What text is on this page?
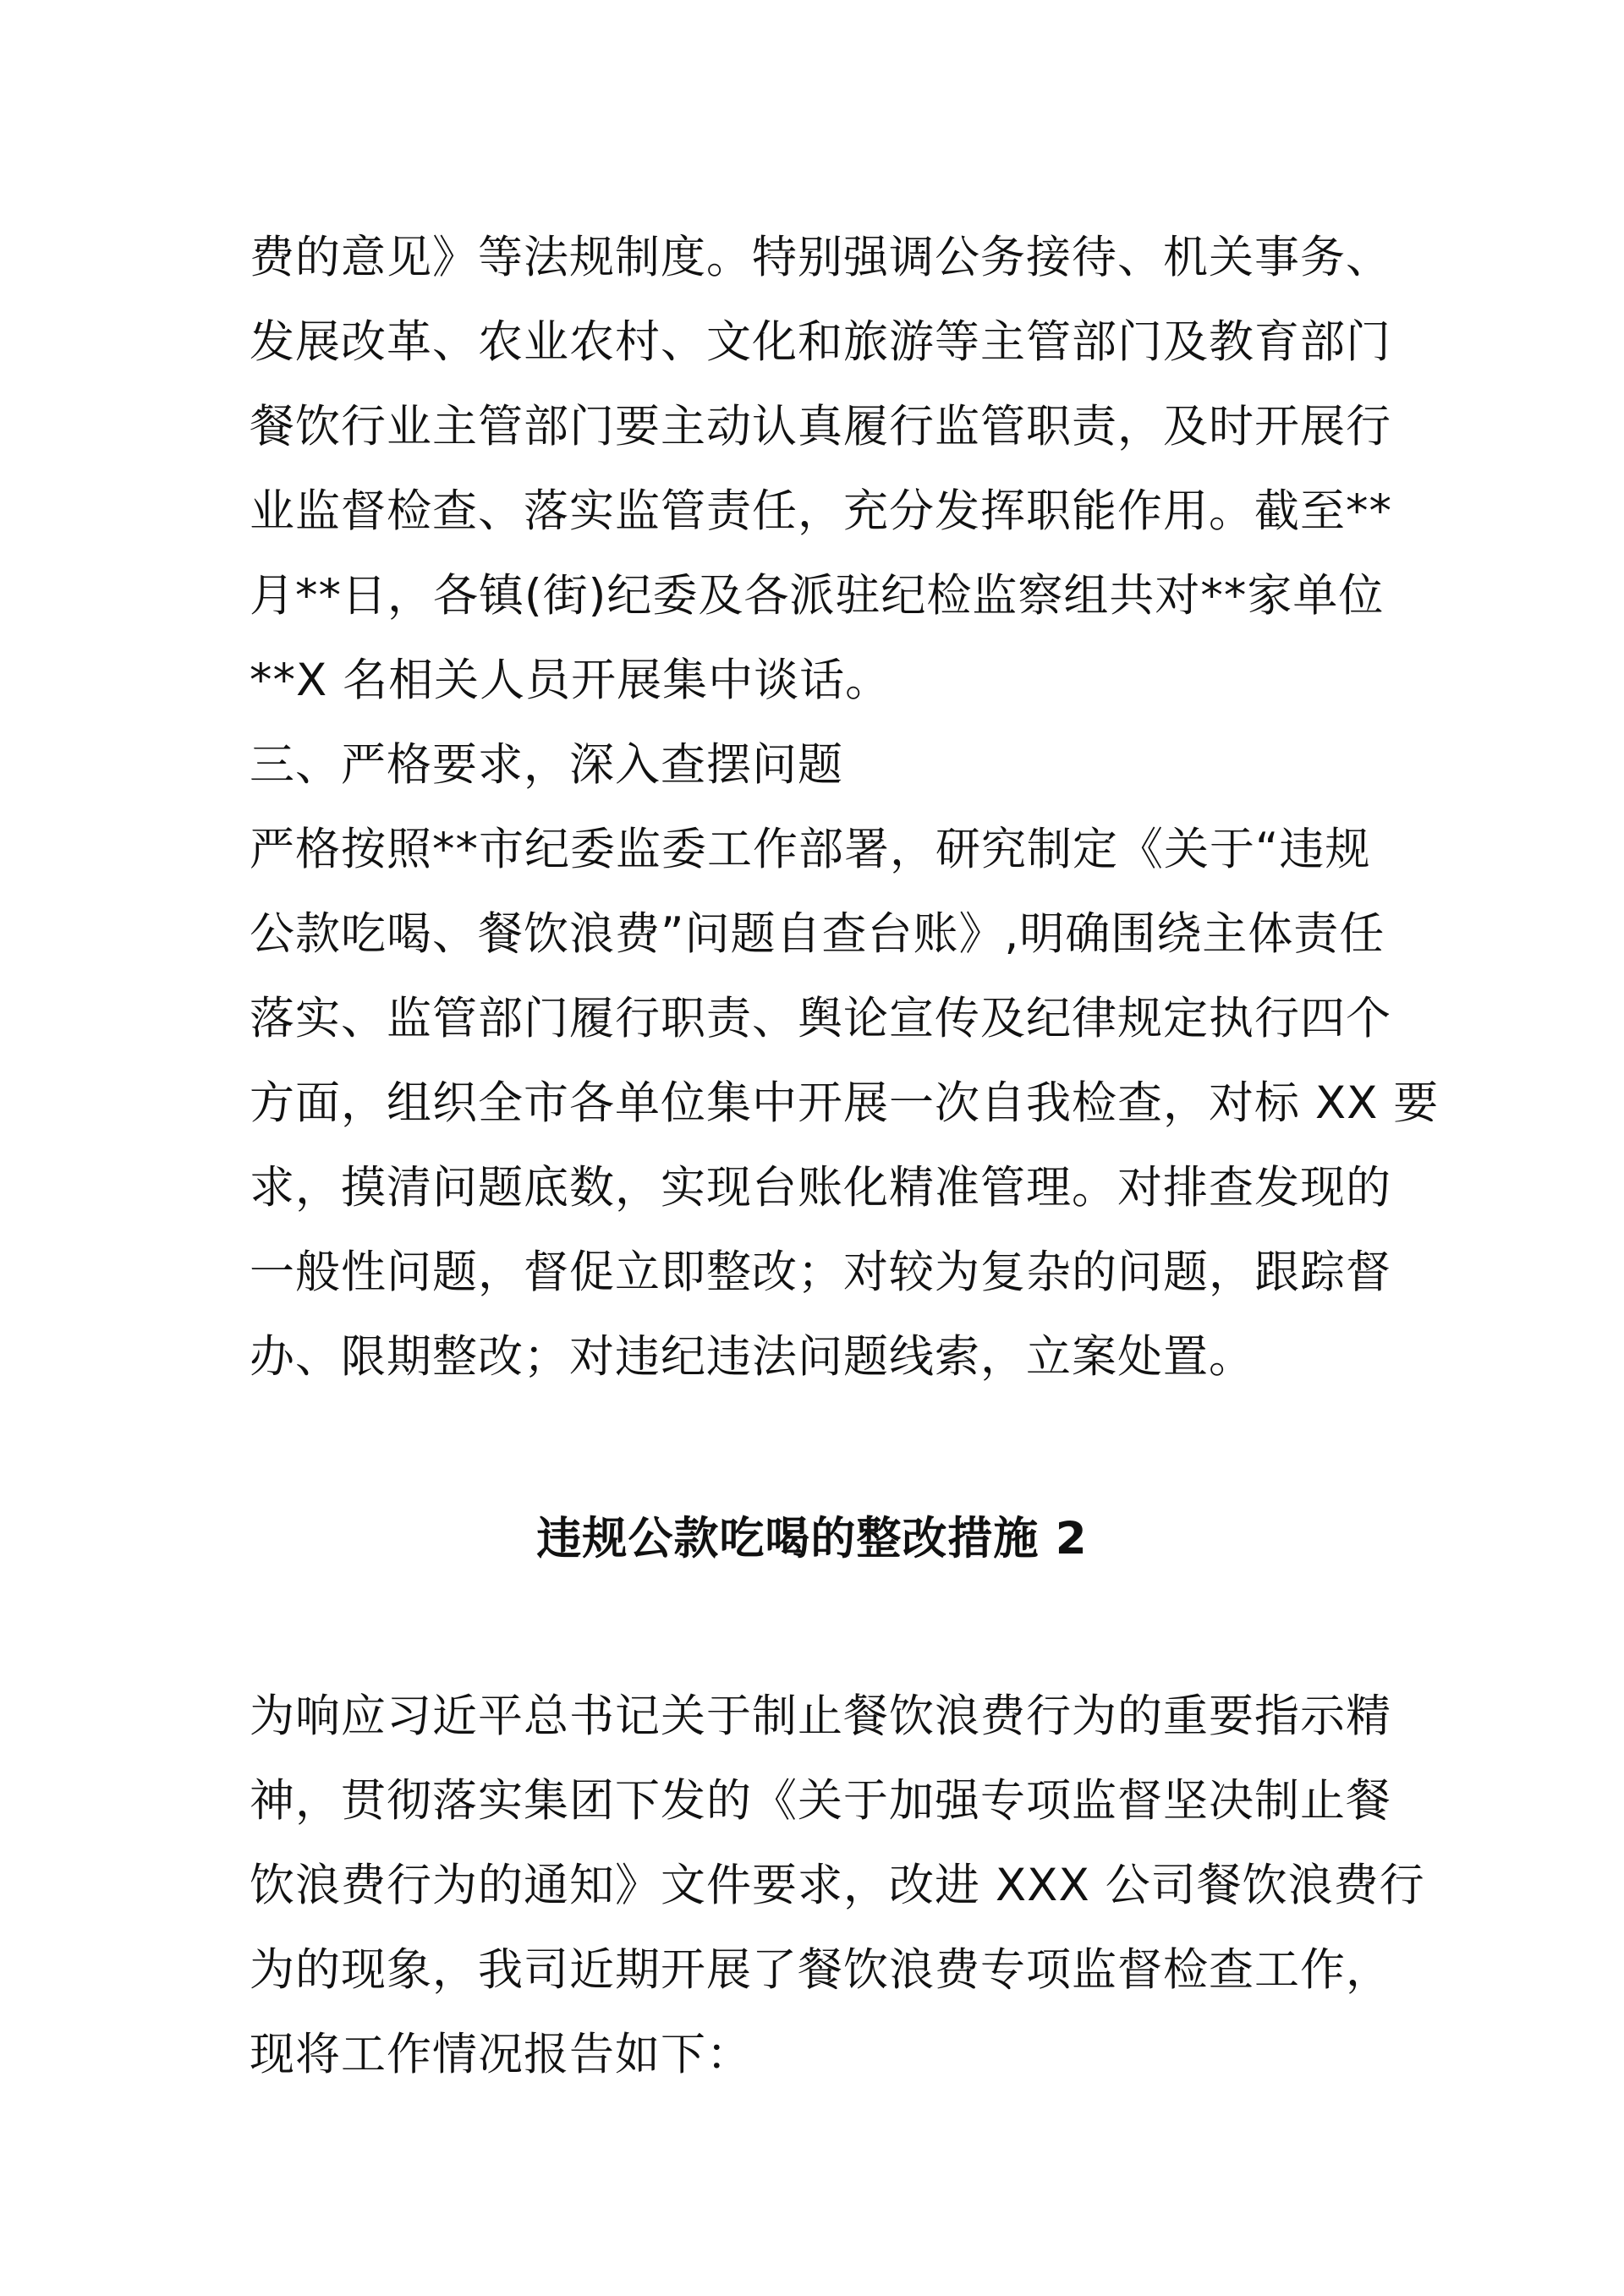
费的意见》等法规制度。特别强调公务接待、机关事务、
发展改革、农业农村、文化和旅游等主管部门及教育部门
餐饮行业主管部门要主动认真履行监管职责，及时开展行
业监督检查、落实监管责任，充分发挥职能作用。截至**
月**日，各镇(街)纪委及各派驻纪检监察组共对**家单位
**X 名相关人员开展集中谈话。
三、严格要求，深入查摆问题
严格按照**市纪委监委工作部署，研究制定《关于“违规
公款吃喝、餐饮浪费”问题自查台账》,明确围绕主体责任
落实、监管部门履行职责、舆论宣传及纪律规定执行四个
方面，组织全市各单位集中开展一次自我检查，对标 XX 要
求，摸清问题底数，实现台账化精准管理。对排查发现的
一般性问题，督促立即整改；对较为复杂的问题，跟踪督
办、限期整改；对违纪违法问题线索，立案处置。
违规公款吃喝的整改措施 2
为响应习近平总书记关于制止餐饮浪费行为的重要指示精
神，贯彻落实集团下发的《关于加强专项监督坚决制止餐
饮浪费行为的通知》文件要求，改进 XXX 公司餐饮浪费行
为的现象，我司近期开展了餐饮浪费专项监督检查工作，
现将工作情况报告如下：
